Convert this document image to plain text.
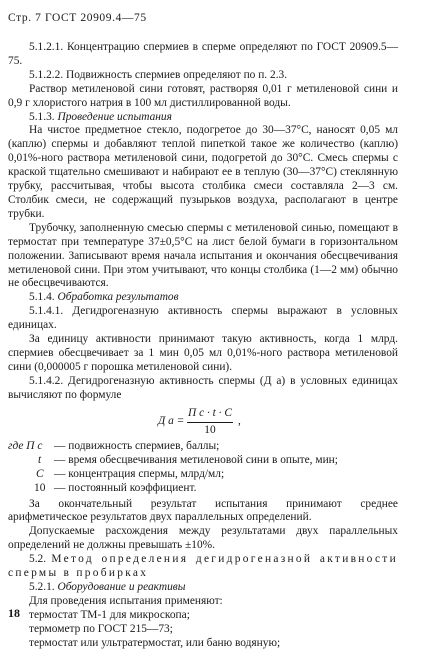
Стр. 7 ГОСТ 20909.4—75

5.1.2.1. Концентрацию спермиев в сперме определяют по ГОСТ 20909.5—75.

5.1.2.2. Подвижность спермиев определяют по п. 2.3.

Раствор метиленовой сини готовят, растворяя 0,01 г метиленовой сини и 0,9 г хлористого натрия в 100 мл дистиллированной воды.

5.1.3. Проведение испытания

На чистое предметное стекло, подогретое до 30—37°С, наносят 0,05 мл (каплю) спермы и добавляют теплой пипеткой такое же количество (каплю) 0,01%-ного раствора метиленовой сини, подогретой до 30°С. Смесь спермы с краской тщательно смешивают и набирают ее в теплую (30—37°С) стеклянную трубку, рассчитывая, чтобы высота столбика смеси составляла 2—3 см. Столбик смеси, не содержащий пузырьков воздуха, располагают в центре трубки.

Трубочку, заполненную смесью спермы с метиленовой синью, помещают в термостат при температуре 37±0,5°С на лист белой бумаги в горизонтальном положении. Записывают время начала испытания и окончания обесцвечивания метиленовой сини. При этом учитывают, что концы столбика (1—2 мм) обычно не обесцвечиваются.

5.1.4. Обработка результатов

5.1.4.1. Дегидрогеназную активность спермы выражают в условных единицах.

За единицу активности принимают такую активность, когда 1 млрд. спермиев обесцвечивает за 1 мин 0,05 мл 0,01%-ного раствора метиленовой сини (0,000005 г порошка метиленовой сини).

5.1.4.2. Дегидрогеназную активность спермы (Д а) в условных единицах вычисляют по формуле

Д а =
П с · t · С
10
,
где П с — подвижность спермиев, баллы;
t — время обесцвечивания метиленовой сини в опыте, мин;
С — концентрация спермы, млрд/мл;
10 — постоянный коэффициент.

За окончательный результат испытания принимают среднее арифметическое результатов двух параллельных определений.

Допускаемые расхождения между результатами двух параллельных определений не должны превышать ±10%.

5.2. Метод определения дегидрогеназной активности спермы в пробирках

5.2.1. Оборудование и реактивы

Для проведения испытания применяют:

термостат ТМ-1 для микроскопа;

термометр по ГОСТ 215—73;

термостат или ультратермостат, или баню водяную;

18
